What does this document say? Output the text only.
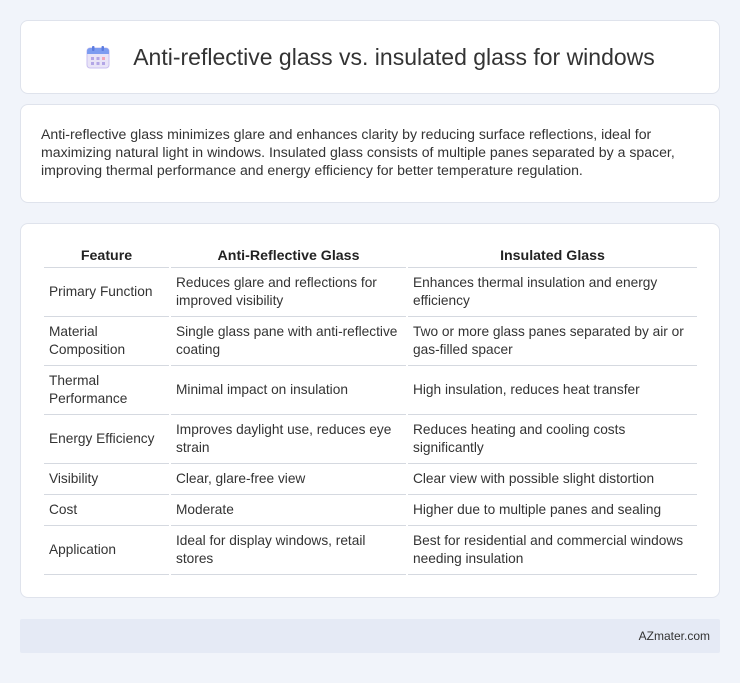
Anti-reflective glass vs. insulated glass for windows

Anti-reflective glass minimizes glare and enhances clarity by reducing surface reflections, ideal for maximizing natural light in windows. Insulated glass consists of multiple panes separated by a spacer, improving thermal performance and energy efficiency for better temperature regulation.

Feature	Anti-Reflective Glass	Insulated Glass
Primary Function	Reduces glare and reflections for improved visibility	Enhances thermal insulation and energy efficiency
Material Composition	Single glass pane with anti-reflective coating	Two or more glass panes separated by air or gas-filled spacer
Thermal Performance	Minimal impact on insulation	High insulation, reduces heat transfer
Energy Efficiency	Improves daylight use, reduces eye strain	Reduces heating and cooling costs significantly
Visibility	Clear, glare-free view	Clear view with possible slight distortion
Cost	Moderate	Higher due to multiple panes and sealing
Application	Ideal for display windows, retail stores	Best for residential and commercial windows needing insulation
AZmater.com
